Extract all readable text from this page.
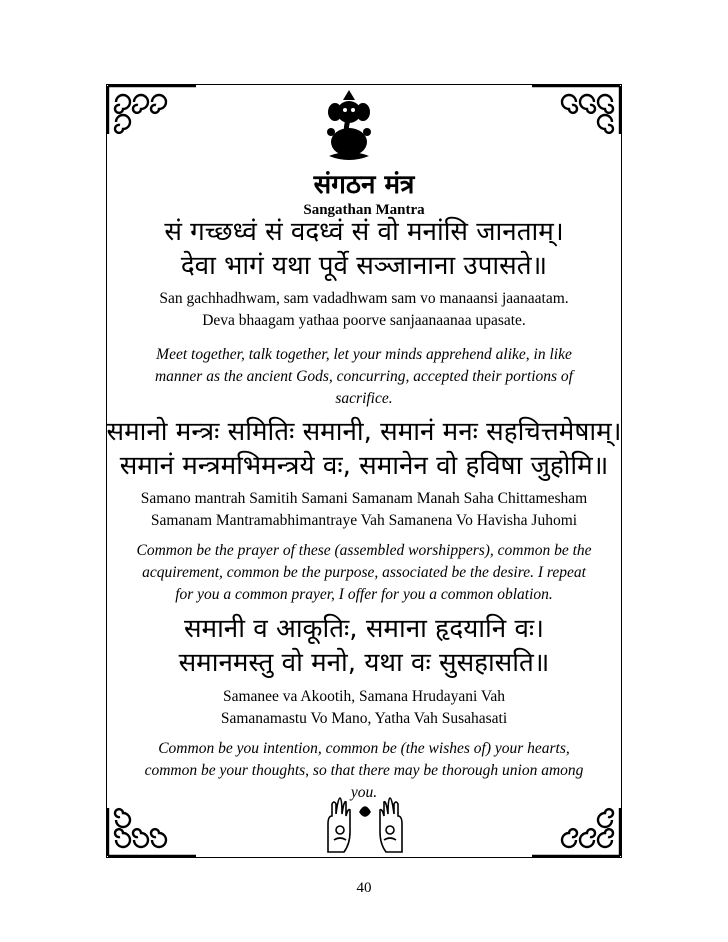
संगठन मंत्र
Sangathan Mantra
सं गच्छध्वं सं वदध्वं सं वो मनांसि जानताम्।
देवा भागं यथा पूर्वे सञ्जानाना उपासते॥
San gachhadhwam, sam vadadhwam sam vo manaansi jaanaatam.
Deva bhaagam yathaa poorve sanjaanaanaa upasate.
Meet together, talk together, let your minds apprehend alike, in like
manner as the ancient Gods, concurring, accepted their portions of
sacrifice.
समानो मन्त्रः समितिः समानी, समानं मनः सहचित्तमेषाम्।
समानं मन्त्रमभिमन्त्रये वः, समानेन वो हविषा जुहोमि॥
Samano mantrah Samitih Samani Samanam Manah Saha Chittamesham
Samanam Mantramabhimantraye Vah Samanena Vo Havisha Juhomi
Common be the prayer of these (assembled worshippers), common be the
acquirement, common be the purpose, associated be the desire. I repeat
for you a common prayer, I offer for you a common oblation.
समानी व आकूतिः, समाना हृदयानि वः।
समानमस्तु वो मनो, यथा वः सुसहासति॥
Samanee va Akootih, Samana Hrudayani Vah
Samanamastu Vo Mano, Yatha Vah Susahasati
Common be you intention, common be (the wishes of) your hearts,
common be your thoughts, so that there may be thorough union among
you.
40
